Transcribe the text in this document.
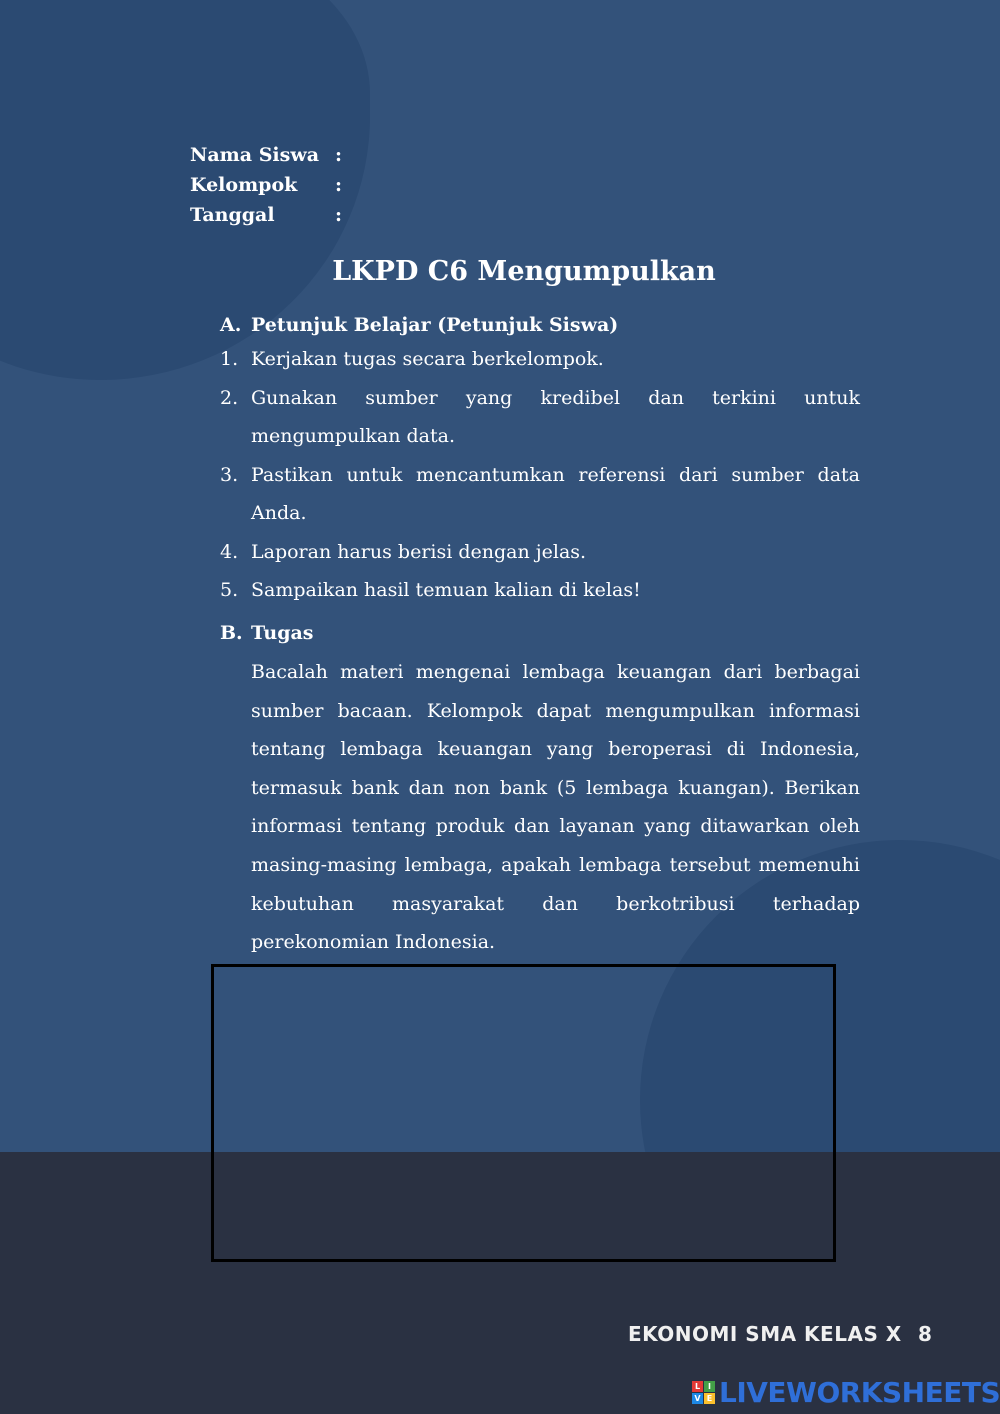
Nama Siswa :
Kelompok	:
Tanggal	:
LKPD C6 Mengumpulkan
A. Petunjuk Belajar (Petunjuk Siswa)
1. Kerjakan tugas secara berkelompok.
2. Gunakan sumber yang kredibel dan terkini untuk mengumpulkan data.
3. Pastikan untuk mencantumkan referensi dari sumber data Anda.
4. Laporan harus berisi dengan jelas.
5. Sampaikan hasil temuan kalian di kelas!
B. Tugas
Bacalah materi mengenai lembaga keuangan dari berbagai sumber bacaan. Kelompok dapat mengumpulkan informasi tentang lembaga keuangan yang beroperasi di Indonesia, termasuk bank dan non bank (5 lembaga kuangan). Berikan informasi tentang produk dan layanan yang ditawarkan oleh masing-masing lembaga, apakah lembaga tersebut memenuhi kebutuhan masyarakat dan berkotribusi terhadap perekonomian Indonesia.
EKONOMI SMA KELAS X 8
L I
V E LIVEWORKSHEETS
